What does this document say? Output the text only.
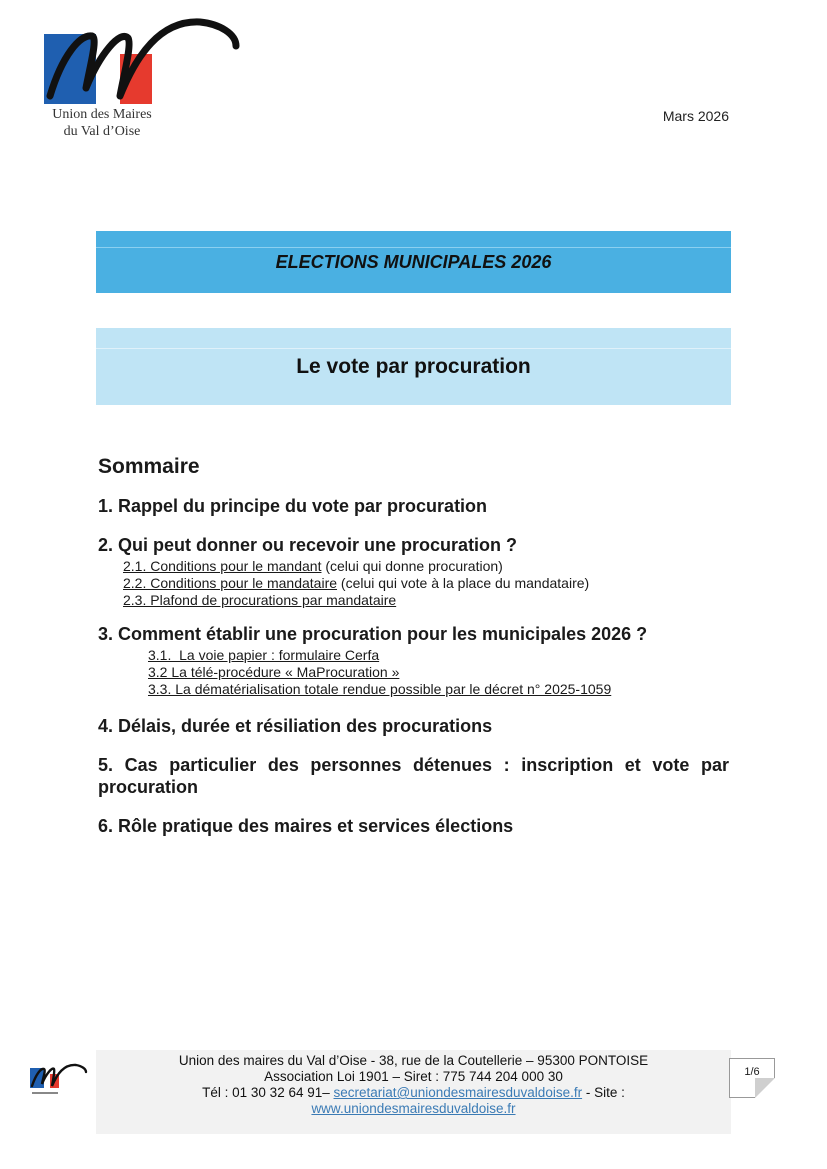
Union des Maires
du Val d’Oise
Mars 2026
ELECTIONS MUNICIPALES 2026
Le vote par procuration
Sommaire
1. Rappel du principe du vote par procuration
2. Qui peut donner ou recevoir une procuration ?
2.1. Conditions pour le mandant (celui qui donne procuration)
2.2. Conditions pour le mandataire (celui qui vote à la place du mandataire)
2.3. Plafond de procurations par mandataire
3. Comment établir une procuration pour les municipales 2026 ?
3.1.  La voie papier : formulaire Cerfa
3.2 La télé-procédure « MaProcuration »
3.3. La dématérialisation totale rendue possible par le décret n° 2025-1059
4. Délais, durée et résiliation des procurations
5. Cas particulier des personnes détenues : inscription et vote par procuration
6. Rôle pratique des maires et services élections
Union des maires du Val d’Oise - 38, rue de la Coutellerie – 95300 PONTOISE
Association Loi 1901 – Siret : 775 744 204 000 30
Tél : 01 30 32 64 91– secretariat@uniondesmairesduvaldoise.fr - Site :
www.uniondesmairesduvaldoise.fr
1/6
